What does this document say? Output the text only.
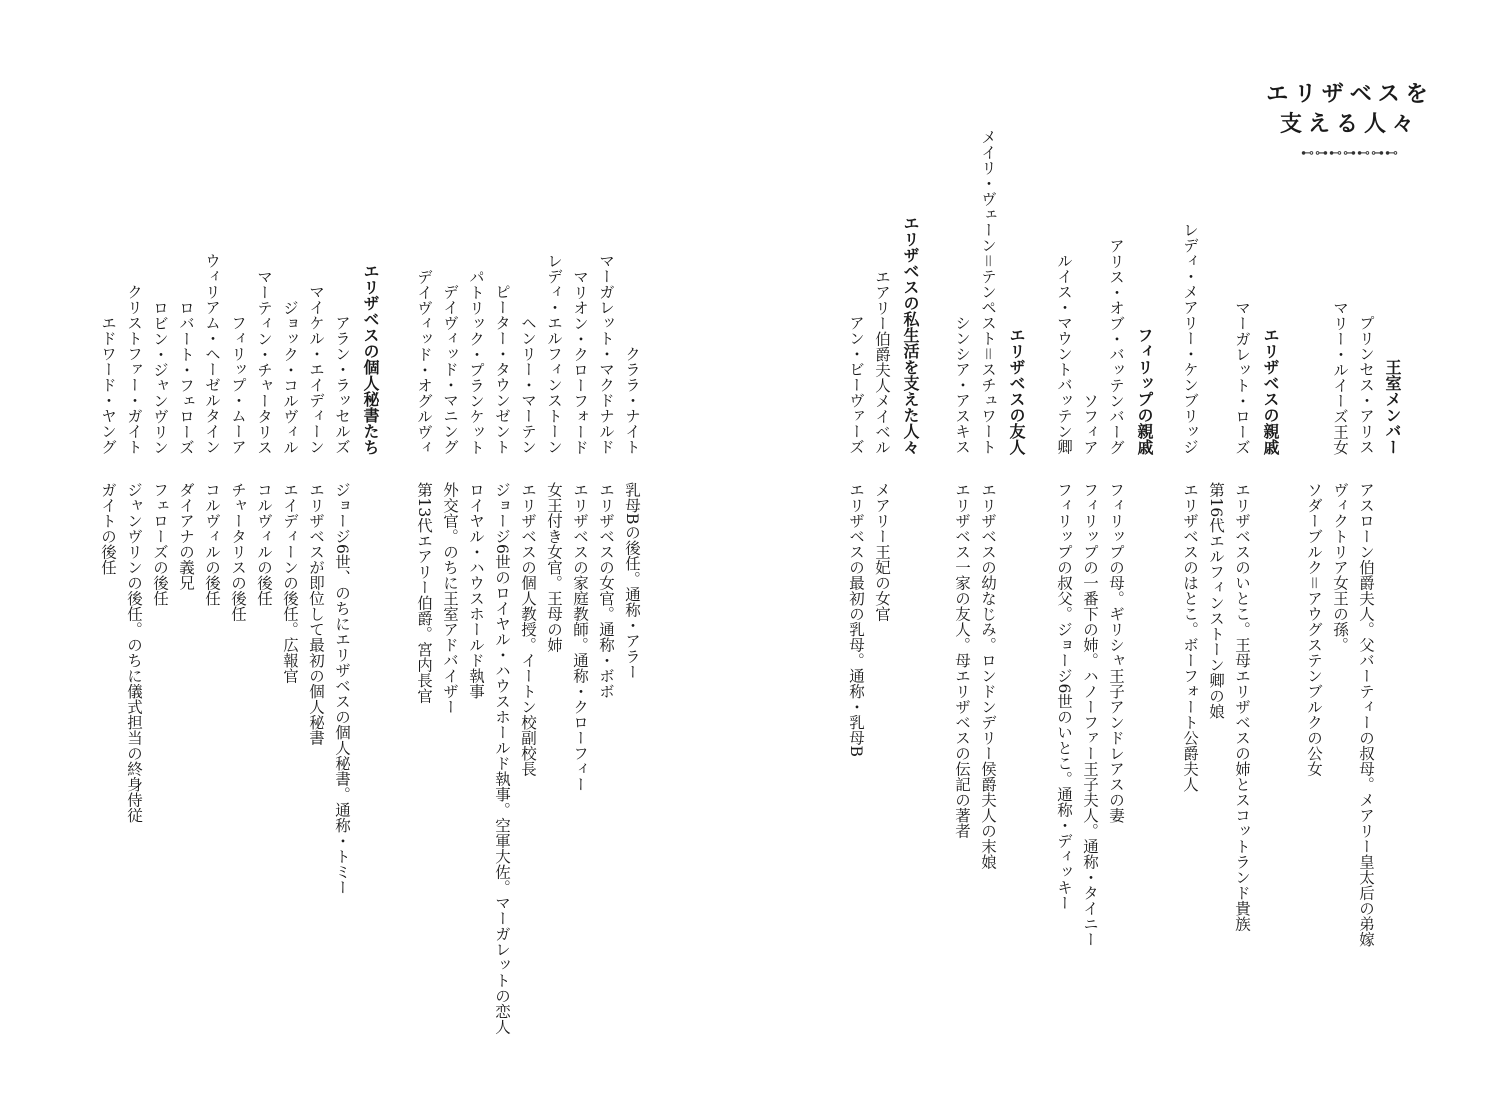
エリザベスを
支える人々
⊷⊶⊷⊶⊷⊶⊷
王室メンバー
プリンセス・アリス
アスローン伯爵夫人。父バーティーの叔母。メアリー皇太后の弟嫁
マリー・ルイーズ王女
ヴィクトリア女王の孫。
ソダーブルク＝アウグステンブルクの公女
エリザベスの親戚
マーガレット・ローズ
エリザベスのいとこ。王母エリザベスの姉とスコットランド貴族
第16代エルフィンストーン卿の娘
レディ・メアリー・ケンブリッジ
エリザベスのはとこ。ボーフォート公爵夫人
フィリップの親戚
アリス・オブ・バッテンバーグ
フィリップの母。ギリシャ王子アンドレアスの妻
ソフィア
フィリップの一番下の姉。ハノーファー王子夫人。通称・タイニー
ルイス・マウントバッテン卿
フィリップの叔父。ジョージ6世のいとこ。通称・ディッキー
エリザベスの友人
メイリ・ヴェーン＝テンペスト＝スチュワート
エリザベスの幼なじみ。ロンドンデリー侯爵夫人の末娘
シンシア・アスキス
エリザベス一家の友人。母エリザベスの伝記の著者
エリザベスの私生活を支えた人々
エアリー伯爵夫人メイベル
メアリー王妃の女官
アン・ビーヴァーズ
エリザベスの最初の乳母。通称・乳母B
クララ・ナイト
乳母Bの後任。通称・アラー
マーガレット・マクドナルド
エリザベスの女官。通称・ボボ
マリオン・クローフォード
エリザベスの家庭教師。通称・クローフィー
レディ・エルフィンストーン
女王付き女官。王母の姉
ヘンリー・マーテン
エリザベスの個人教授。イートン校副校長
ピーター・タウンゼント
ジョージ6世のロイヤル・ハウスホールド執事。空軍大佐。マーガレットの恋人
パトリック・プランケット
ロイヤル・ハウスホールド執事
デイヴィッド・マニング
外交官。のちに王室アドバイザー
デイヴィッド・オグルヴィ
第13代エアリー伯爵。宮内長官
エリザベスの個人秘書たち
アラン・ラッセルズ
ジョージ6世、のちにエリザベスの個人秘書。通称・トミー
マイケル・エイディーン
エリザベスが即位して最初の個人秘書
ジョック・コルヴィル
エイディーンの後任。広報官
マーティン・チャータリス
コルヴィルの後任
フィリップ・ムーア
チャータリスの後任
ウィリアム・ヘーゼルタイン
コルヴィルの後任
ロバート・フェローズ
ダイアナの義兄
ロビン・ジャンヴリン
フェローズの後任
クリストファー・ガイト
ジャンヴリンの後任。のちに儀式担当の終身侍従
エドワード・ヤング
ガイトの後任
